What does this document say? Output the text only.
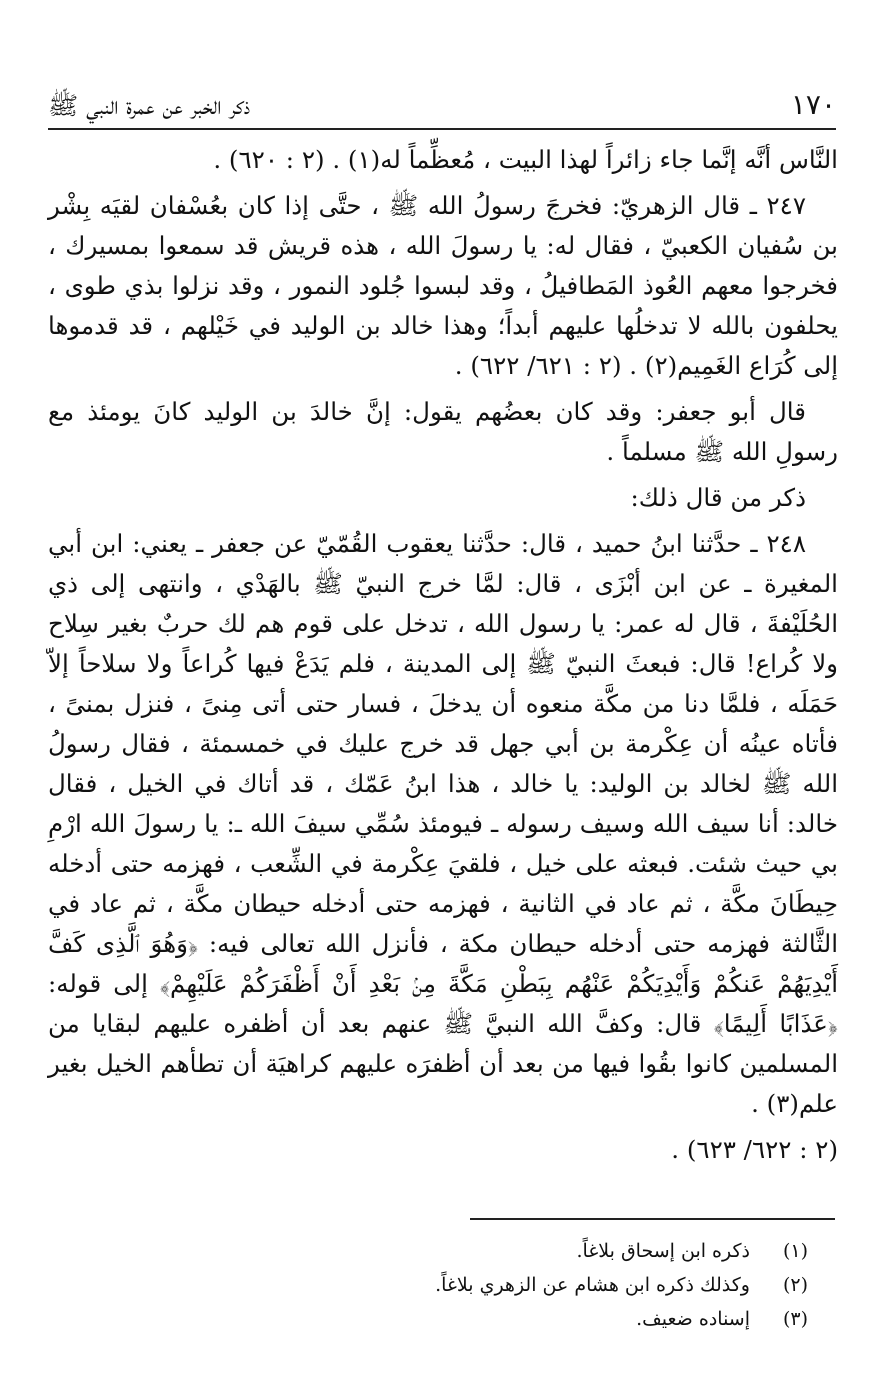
١٧٠
ذكر الخبر عن عمرة النبي ﷺ

النَّاس أنَّه إنَّما جاء زائراً لهذا البيت ، مُعظِّماً له(١) . (٢ : ٦٢٠) .

٢٤٧ ـ قال الزهريّ: فخرجَ رسولُ الله ﷺ ، حتَّى إذا كان بعُسْفان لقيَه بِشْر بن سُفيان الكعبيّ ، فقال له: يا رسولَ الله ، هذه قريش قد سمعوا بمسيرك ، فخرجوا معهم العُوذ المَطافيلُ ، وقد لبسوا جُلود النمور ، وقد نزلوا بذي طوى ، يحلفون بالله لا تدخلُها عليهم أبداً؛ وهذا خالد بن الوليد في خَيْلهم ، قد قدموها إلى كُرَاع الغَمِيم(٢) . (٢ : ٦٢١/ ٦٢٢) .

قال أبو جعفر: وقد كان بعضُهم يقول: إنَّ خالدَ بن الوليد كانَ يومئذ مع رسولِ الله ﷺ مسلماً .

ذكر من قال ذلك:

٢٤٨ ـ حدَّثنا ابنُ حميد ، قال: حدَّثنا يعقوب القُمّيّ عن جعفر ـ يعني: ابن أبي المغيرة ـ عن ابن أبْزَى ، قال: لمَّا خرج النبيّ ﷺ بالهَدْي ، وانتهى إلى ذي الحُلَيْفةَ ، قال له عمر: يا رسول الله ، تدخل على قوم هم لك حربٌ بغير سِلاح ولا كُراع! قال: فبعثَ النبيّ ﷺ إلى المدينة ، فلم يَدَعْ فيها كُراعاً ولا سلاحاً إلاّ حَمَلَه ، فلمَّا دنا من مكَّة منعوه أن يدخلَ ، فسار حتى أتى مِنىً ، فنزل بمنىً ، فأتاه عينُه أن عِكْرمة بن أبي جهل قد خرج عليك في خمسمئة ، فقال رسولُ الله ﷺ لخالد بن الوليد: يا خالد ، هذا ابنُ عَمّك ، قد أتاك في الخيل ، فقال خالد: أنا سيف الله وسيف رسوله ـ فيومئذ سُمِّي سيفَ الله ـ: يا رسولَ الله ارْمِ بي حيث شئت. فبعثه على خيل ، فلقيَ عِكْرمة في الشِّعب ، فهزمه حتى أدخله حِيطَانَ مكَّة ، ثم عاد في الثانية ، فهزمه حتى أدخله حيطان مكَّة ، ثم عاد في الثَّالثة فهزمه حتى أدخله حيطان مكة ، فأنزل الله تعالى فيه: ﴿وَهُوَ ٱلَّذِى كَفَّ أَيْدِيَهُمْ عَنكُمْ وَأَيْدِيَكُمْ عَنْهُم بِبَطْنِ مَكَّةَ مِنۢ بَعْدِ أَنْ أَظْفَرَكُمْ عَلَيْهِمْ﴾ إلى قوله: ﴿عَذَابًا أَلِيمًا﴾ قال: وكفَّ الله النبيَّ ﷺ عنهم بعد أن أظفره عليهم لبقايا من المسلمين كانوا بقُوا فيها من بعد أن أظفرَه عليهم كراهيَة أن تطأهم الخيل بغير علم(٣) .

(٢ : ٦٢٢/ ٦٢٣) .

(١)
ذكره ابن إسحاق بلاغاً.
(٢)
وكذلك ذكره ابن هشام عن الزهري بلاغاً.
(٣)
إسناده ضعيف.
